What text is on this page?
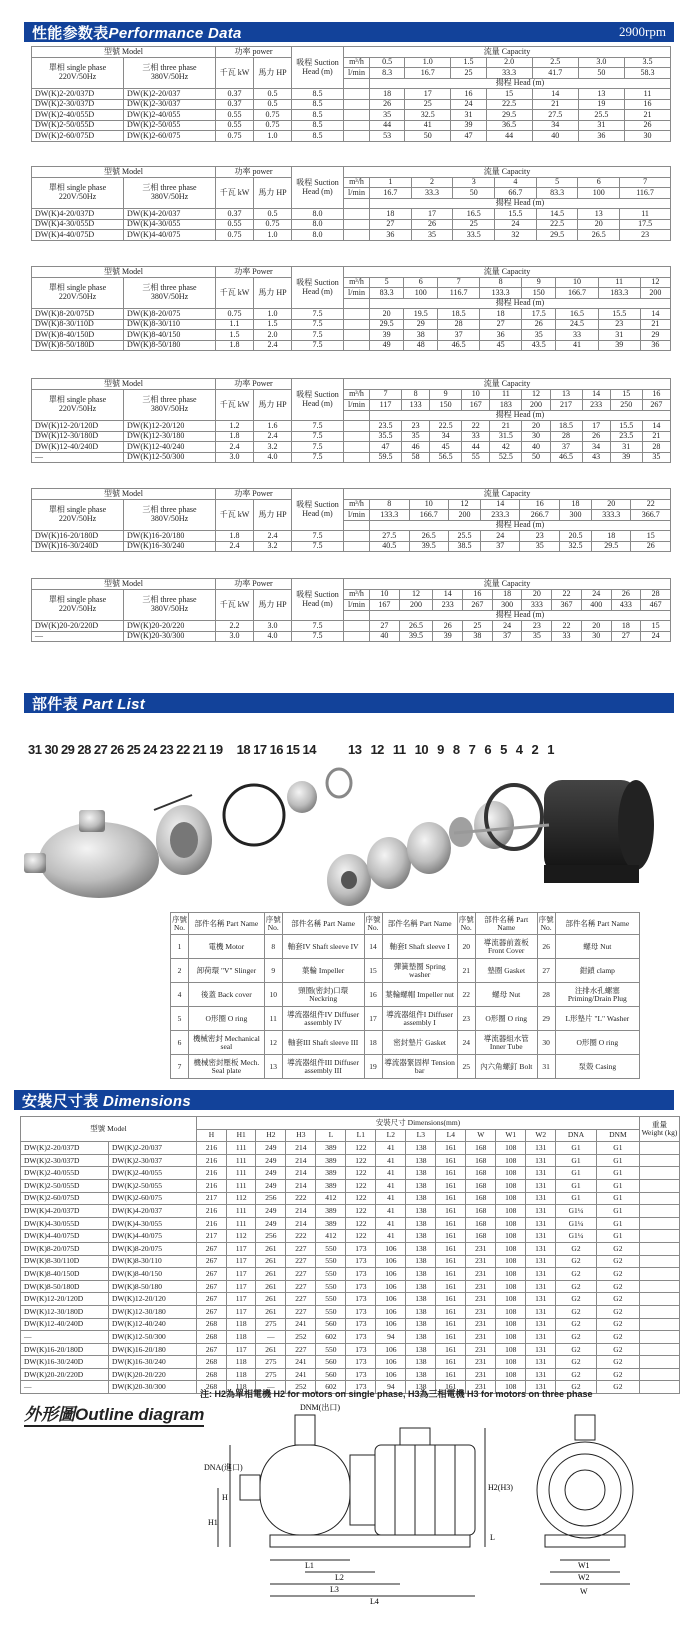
性能参数表Performance Data	2900rpm
型號 Model		功率 power		吸程 Suction Head (m)	流量 Capacity							
單相 single phase 220V/50Hz	三相 three phase 380V/50Hz	千瓦 kW	馬力 HP		m³/h	0.5	1.0	1.5	2.0	2.5	3.0	3.5
					l/min	8.3	16.7	25	33.3	41.7	50	58.3
						揚程 Head (m)						
DW(K)2-20/037D	DW(K)2-20/037	0.37	0.5	8.5		18	17	16	15	14	13	11
DW(K)2-30/037D	DW(K)2-30/037	0.37	0.5	8.5		26	25	24	22.5	21	19	16
DW(K)2-40/055D	DW(K)2-40/055	0.55	0.75	8.5		35	32.5	31	29.5	27.5	25.5	21
DW(K)2-50/055D	DW(K)2-50/055	0.55	0.75	8.5		44	41	39	36.5	34	31	26
DW(K)2-60/075D	DW(K)2-60/075	0.75	1.0	8.5		53	50	47	44	40	36	30
型號 Model		功率 power		吸程 Suction Head (m)	流量 Capacity							
單相 single phase 220V/50Hz	三相 three phase 380V/50Hz	千瓦 kW	馬力 HP		m³/h	1	2	3	4	5	6	7
					l/min	16.7	33.3	50	66.7	83.3	100	116.7
						揚程 Head (m)						
DW(K)4-20/037D	DW(K)4-20/037	0.37	0.5	8.0		18	17	16.5	15.5	14.5	13	11
DW(K)4-30/055D	DW(K)4-30/055	0.55	0.75	8.0		27	26	25	24	22.5	20	17.5
DW(K)4-40/075D	DW(K)4-40/075	0.75	1.0	8.0		36	35	33.5	32	29.5	26.5	23
型號 Model		功率 Power		吸程 Suction Head (m)	流量 Capacity								
單相 single phase 220V/50Hz	三相 three phase 380V/50Hz	千瓦 kW	馬力 HP		m³/h	5	6	7	8	9	10	11	12
					l/min	83.3	100	116.7	133.3	150	166.7	183.3	200
						揚程 Head (m)							
DW(K)8-20/075D	DW(K)8-20/075	0.75	1.0	7.5		20	19.5	18.5	18	17.5	16.5	15.5	14
DW(K)8-30/110D	DW(K)8-30/110	1.1	1.5	7.5		29.5	29	28	27	26	24.5	23	21
DW(K)8-40/150D	DW(K)8-40/150	1.5	2.0	7.5		39	38	37	36	35	33	31	29
DW(K)8-50/180D	DW(K)8-50/180	1.8	2.4	7.5		49	48	46.5	45	43.5	41	39	36
型號 Model		功率 Power		吸程 Suction Head (m)	流量 Capacity										
單相 single phase 220V/50Hz	三相 three phase 380V/50Hz	千瓦 kW	馬力 HP		m³/h	7	8	9	10	11	12	13	14	15	16
					l/min	117	133	150	167	183	200	217	233	250	267
						揚程 Head (m)									
DW(K)12-20/120D	DW(K)12-20/120	1.2	1.6	7.5		23.5	23	22.5	22	21	20	18.5	17	15.5	14
DW(K)12-30/180D	DW(K)12-30/180	1.8	2.4	7.5		35.5	35	34	33	31.5	30	28	26	23.5	21
DW(K)12-40/240D	DW(K)12-40/240	2.4	3.2	7.5		47	46	45	44	42	40	37	34	31	28
—	DW(K)12-50/300	3.0	4.0	7.5		59.5	58	56.5	55	52.5	50	46.5	43	39	35
型號 Model		功率 Power		吸程 Suction Head (m)	流量 Capacity								
單相 single phase 220V/50Hz	三相 three phase 380V/50Hz	千瓦 kW	馬力 HP		m³/h	8	10	12	14	16	18	20	22
					l/min	133.3	166.7	200	233.3	266.7	300	333.3	366.7
						揚程 Head (m)							
DW(K)16-20/180D	DW(K)16-20/180	1.8	2.4	7.5		27.5	26.5	25.5	24	23	20.5	18	15
DW(K)16-30/240D	DW(K)16-30/240	2.4	3.2	7.5		40.5	39.5	38.5	37	35	32.5	29.5	26
型號 Model		功率 Power		吸程 Suction Head (m)	流量 Capacity										
單相 single phase 220V/50Hz	三相 three phase 380V/50Hz	千瓦 kW	馬力 HP		m³/h	10	12	14	16	18	20	22	24	26	28
					l/min	167	200	233	267	300	333	367	400	433	467
						揚程 Head (m)									
DW(K)20-20/220D	DW(K)20-20/220	2.2	3.0	7.5		27	26.5	26	25	24	23	22	20	18	15
—	DW(K)20-30/300	3.0	4.0	7.5		40	39.5	39	38	37	35	33	30	27	24
部件表 Part List
31 30 29 28 27 26 25 24 23 22 21 19 18 17 16 15 14 13 12 11 10 9 8 7 6 5 4 2 1
序號 No.	部件名稱 Part Name	序號 No.	部件名稱 Part Name	序號 No.	部件名稱 Part Name	序號 No.	部件名稱 Part Name	序號 No.	部件名稱 Part Name
1	電機 Motor	8	軸套IV Shaft sleeve IV	14	軸套I Shaft sleeve I	20	導流器前蓋板 Front Cover	26	螺母 Nut
2	卸荷環 "V" Slinger	9	葉輪 Impeller	15	彈簧墊圈 Spring washer	21	墊圈 Gasket	27	鉗鎖 clamp
4	後蓋 Back cover	10	頸圈(密封)口環 Neckring	16	葉輪螺帽 Impeller nut	22	螺母 Nut	28	注排水孔螺塞 Priming/Drain Plug
5	O形圈 O ring	11	導流器組件IV Diffuser assembly IV	17	導流器組件I Diffuser assembly I	23	O形圈 O ring	29	L形墊片 "L" Washer
6	機械密封 Mechanical seal	12	軸套III Shaft sleeve III	18	密封墊片 Gasket	24	導流器組水管 Inner Tube	30	O形圈 O ring
7	機械密封壓板 Mech. Seal plate	13	導流器組件III Diffuser assembly III	19	導流器緊固桿 Tension bar	25	內六角螺釘 Bolt	31	泵殼 Casing
安裝尺寸表 Dimensions
型號 Model		安裝尺寸 Dimensions(mm)														重量 Weight (kg)
		H	H1	H2	H3	L	L1	L2	L3	L4	W	W1	W2	DNA	DNM	
DW(K)2-20/037D	DW(K)2-20/037	216	111	249	214	389	122	41	138	161	168	108	131	G1	G1	
DW(K)2-30/037D	DW(K)2-30/037	216	111	249	214	389	122	41	138	161	168	108	131	G1	G1	
DW(K)2-40/055D	DW(K)2-40/055	216	111	249	214	389	122	41	138	161	168	108	131	G1	G1	
DW(K)2-50/055D	DW(K)2-50/055	216	111	249	214	389	122	41	138	161	168	108	131	G1	G1	
DW(K)2-60/075D	DW(K)2-60/075	217	112	256	222	412	122	41	138	161	168	108	131	G1	G1	
DW(K)4-20/037D	DW(K)4-20/037	216	111	249	214	389	122	41	138	161	168	108	131	G1¼	G1	
DW(K)4-30/055D	DW(K)4-30/055	216	111	249	214	389	122	41	138	161	168	108	131	G1¼	G1	
DW(K)4-40/075D	DW(K)4-40/075	217	112	256	222	412	122	41	138	161	168	108	131	G1¼	G1	
DW(K)8-20/075D	DW(K)8-20/075	267	117	261	227	550	173	106	138	161	231	108	131	G2	G2	
DW(K)8-30/110D	DW(K)8-30/110	267	117	261	227	550	173	106	138	161	231	108	131	G2	G2	
DW(K)8-40/150D	DW(K)8-40/150	267	117	261	227	550	173	106	138	161	231	108	131	G2	G2	
DW(K)8-50/180D	DW(K)8-50/180	267	117	261	227	550	173	106	138	161	231	108	131	G2	G2	
DW(K)12-20/120D	DW(K)12-20/120	267	117	261	227	550	173	106	138	161	231	108	131	G2	G2	
DW(K)12-30/180D	DW(K)12-30/180	267	117	261	227	550	173	106	138	161	231	108	131	G2	G2	
DW(K)12-40/240D	DW(K)12-40/240	268	118	275	241	560	173	106	138	161	231	108	131	G2	G2	
—	DW(K)12-50/300	268	118	—	252	602	173	94	138	161	231	108	131	G2	G2	
DW(K)16-20/180D	DW(K)16-20/180	267	117	261	227	550	173	106	138	161	231	108	131	G2	G2	
DW(K)16-30/240D	DW(K)16-30/240	268	118	275	241	560	173	106	138	161	231	108	131	G2	G2	
DW(K)20-20/220D	DW(K)20-20/220	268	118	275	241	560	173	106	138	161	231	108	131	G2	G2	
—	DW(K)20-30/300	268	118	—	252	602	173	94	138	161	231	108	131	G2	G2	
注: H2為單相電機 H2 for motors on single phase, H3為三相電機 H3 for motors on three phase
外形圖Outline diagram	DNM(出口)
DNA(進口)
H
H1
H2(H3)
L1
L2
L3
L4
L
W1
W2
W
